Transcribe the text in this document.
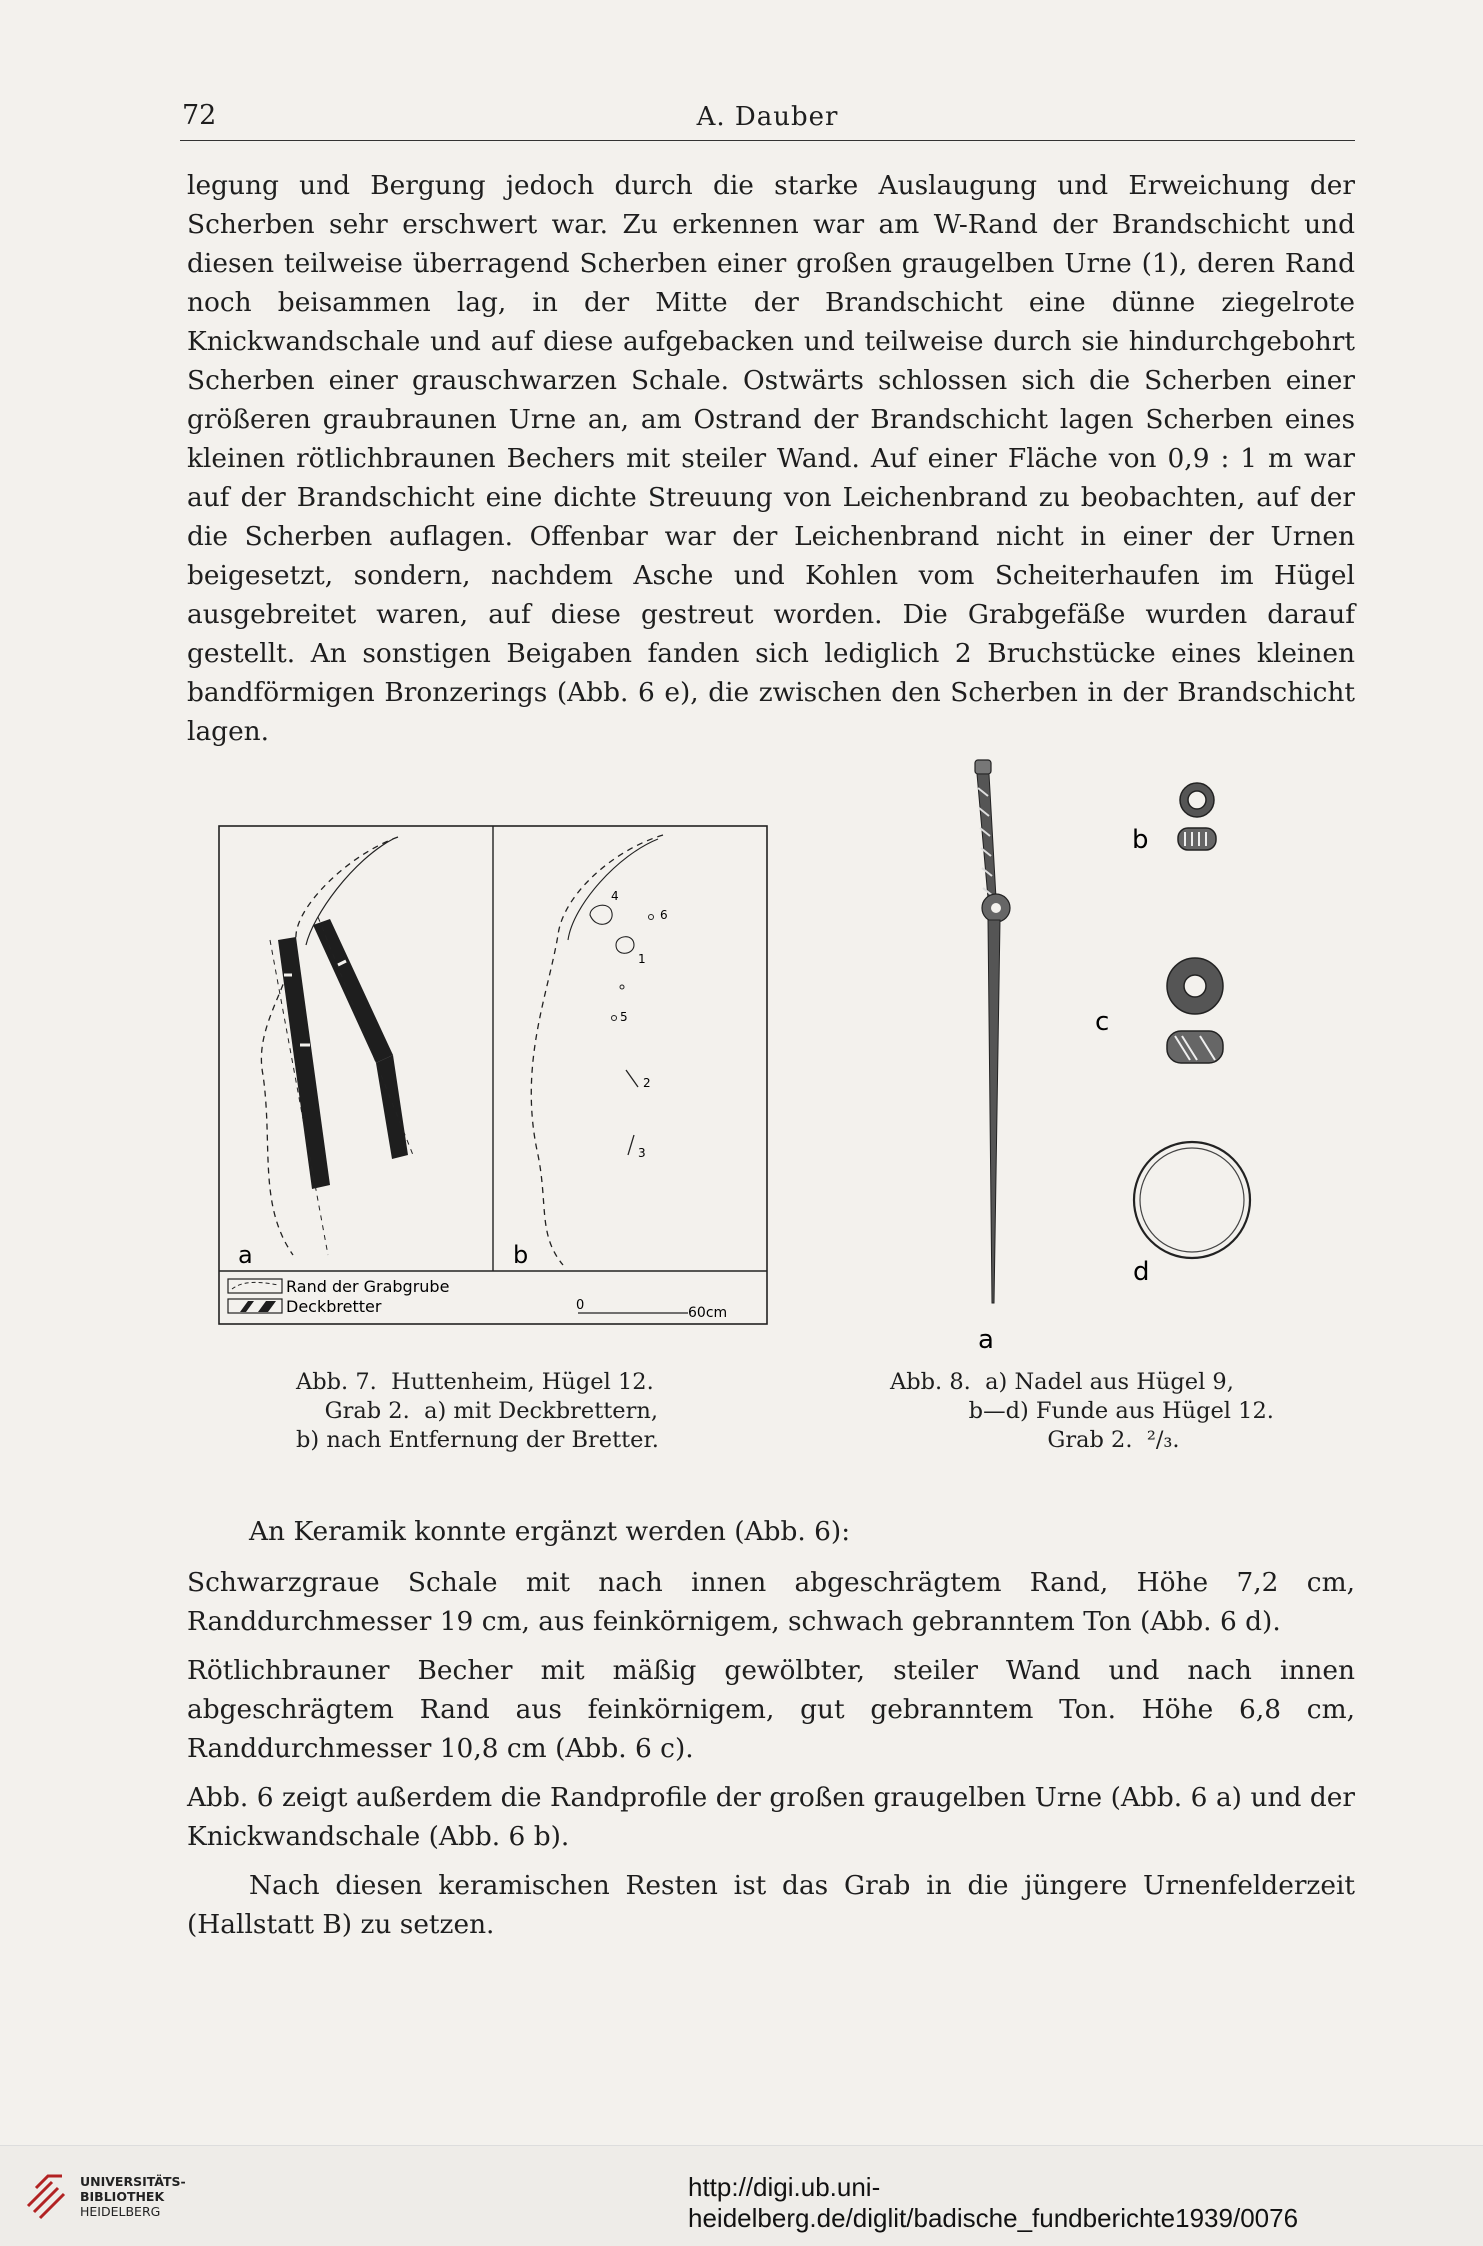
72	A. Dauber

legung und Bergung jedoch durch die starke Auslaugung und Erweichung der Scherben sehr erschwert war. Zu erkennen war am W-Rand der Brandschicht und diesen teilweise überragend Scherben einer großen graugelben Urne (1), deren Rand noch beisammen lag, in der Mitte der Brandschicht eine dünne ziegelrote Knickwandschale und auf diese aufgebacken und teilweise durch sie hindurchgebohrt Scherben einer grauschwarzen Schale. Ostwärts schlossen sich die Scherben einer größeren graubraunen Urne an, am Ostrand der Brandschicht lagen Scherben eines kleinen rötlichbraunen Bechers mit steiler Wand. Auf einer Fläche von 0,9 : 1 m war auf der Brandschicht eine dichte Streuung von Leichenbrand zu beobachten, auf der die Scherben auflagen. Offenbar war der Leichenbrand nicht in einer der Urnen beigesetzt, sondern, nachdem Asche und Kohlen vom Scheiterhaufen im Hügel ausgebreitet waren, auf diese gestreut worden. Die Grabgefäße wurden darauf gestellt. An sonstigen Beigaben fanden sich lediglich 2 Bruchstücke eines kleinen bandförmigen Bronzerings (Abb. 6 e), die zwischen den Scherben in der Brandschicht lagen.

4
6
1
5
2
3
a	b
Rand der Grabgrube
Deckbretter	0	60cm
a
b
c
d
Abb. 7.  Huttenheim, Hügel 12.
Grab 2.  a) mit Deckbrettern,
b) nach Entfernung der Bretter.
Abb. 8.  a) Nadel aus Hügel 9,
b—d) Funde aus Hügel 12.
Grab 2.  ²/₃.

An Keramik konnte ergänzt werden (Abb. 6):

Schwarzgraue Schale mit nach innen abgeschrägtem Rand, Höhe 7,2 cm, Randdurchmesser 19 cm, aus feinkörnigem, schwach gebranntem Ton (Abb. 6 d).

Rötlichbrauner Becher mit mäßig gewölbter, steiler Wand und nach innen abgeschrägtem Rand aus feinkörnigem, gut gebranntem Ton. Höhe 6,8 cm, Randdurchmesser 10,8 cm (Abb. 6 c).

Abb. 6 zeigt außerdem die Randprofile der großen graugelben Urne (Abb. 6 a) und der Knickwandschale (Abb. 6 b).

Nach diesen keramischen Resten ist das Grab in die jüngere Urnenfelderzeit (Hallstatt B) zu setzen.

UNIVERSITÄTS-
BIBLIOTHEK
HEIDELBERG
http://digi.ub.uni-heidelberg.de/diglit/badische_fundberichte1939/0076
